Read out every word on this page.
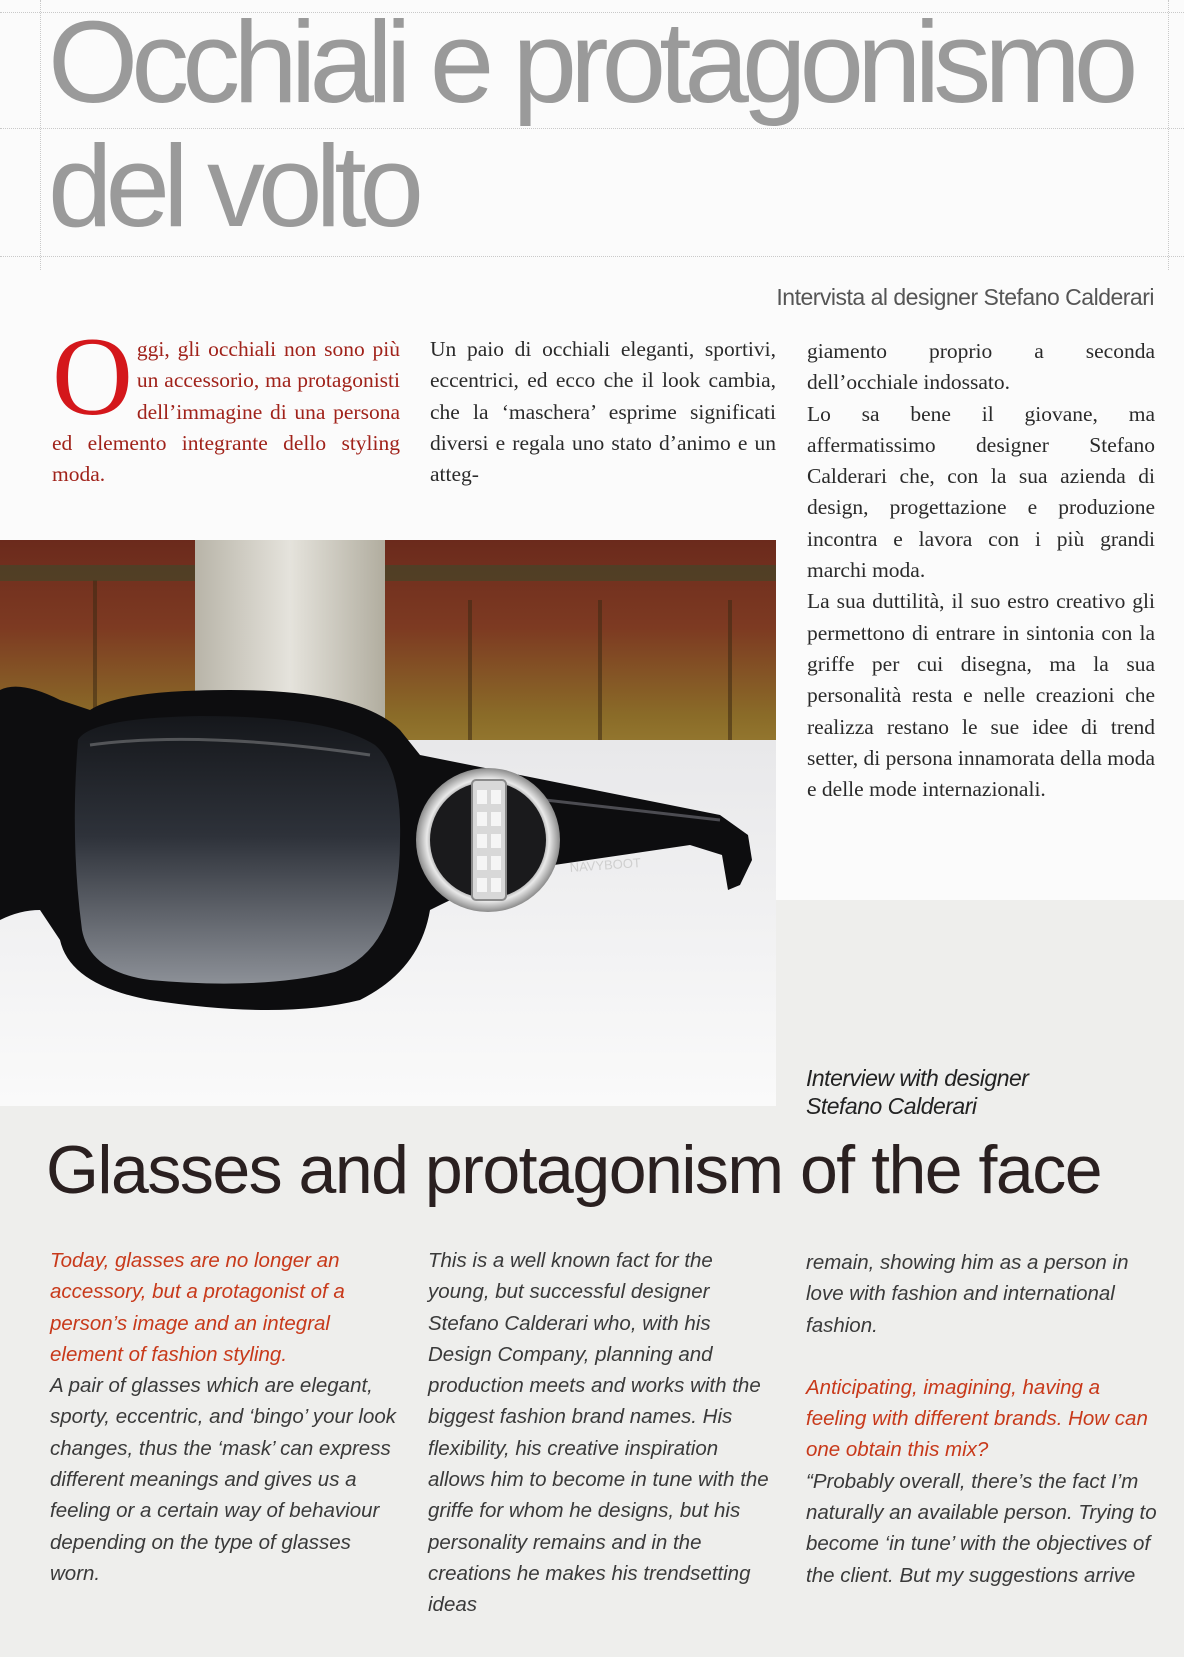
Occhiali e protagonismo
del volto
Intervista al designer Stefano Calderari
O ggi, gli occhiali non sono più un accessorio, ma protagonisti dell’immagine di una persona ed elemento integrante dello styling moda.
Un paio di occhiali eleganti, sportivi, eccentrici, ed ecco che il look cambia, che la ‘maschera’ esprime significati diversi e regala uno stato d’animo e un atteg-
giamento proprio a seconda dell’occhiale indossato.
Lo sa bene il giovane, ma affermatissimo designer Stefano Calderari che, con la sua azienda di design, progettazione e produzione incontra e lavora con i più grandi marchi moda.
La sua duttilità, il suo estro creativo gli permettono di entrare in sintonia con la griffe per cui disegna, ma la sua personalità resta e nelle creazioni che realizza restano le sue idee di trend setter, di persona innamorata della moda e delle mode internazionali.
NAVYBOOT
Interview with designer
Stefano Calderari
Glasses and protagonism of the face

Today, glasses are no longer an accessory, but a protagonist of a person’s image and an integral element of fashion styling.

A pair of glasses which are elegant, sporty, eccentric, and ‘bingo’ your look changes, thus the ‘mask’ can express different meanings and gives us a feeling or a certain way of behaviour depending on the type of glasses worn.

This is a well known fact for the young, but successful designer Stefano Calderari who, with his Design Company, planning and production meets and works with the biggest fashion brand names. His flexibility, his creative inspiration allows him to become in tune with the griffe for whom he designs, but his personality remains and in the creations he makes his trendsetting ideas

remain, showing him as a person in love with fashion and international fashion.

Anticipating, imagining, having a feeling with different brands. How can one obtain this mix?

“Probably overall, there’s the fact I’m naturally an available person. Trying to become ‘in tune’ with the objectives of the client. But my suggestions arrive
